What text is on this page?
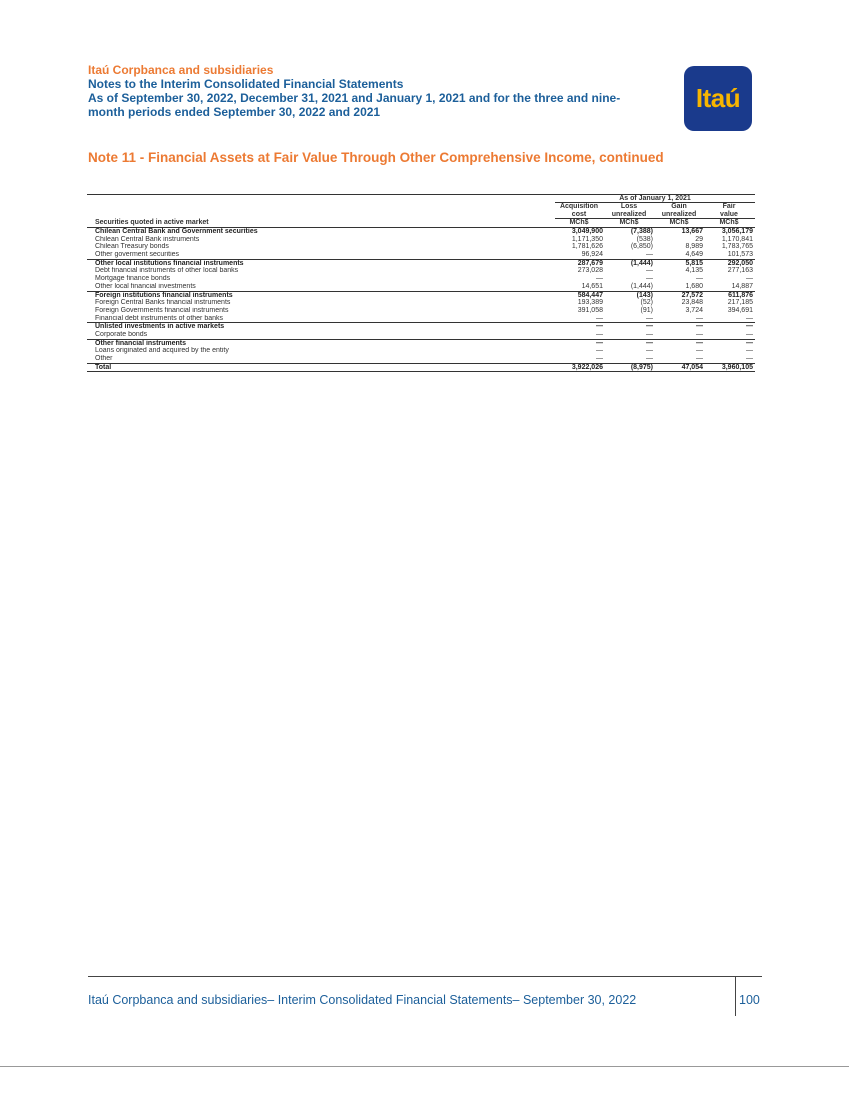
Itaú Corpbanca and subsidiaries
Notes to the Interim Consolidated Financial Statements
As of September 30, 2022, December 31, 2021 and January 1, 2021 and for the three and nine-month periods ended September 30, 2022 and 2021	Itaú
Note 11 - Financial Assets at Fair Value Through Other Comprehensive Income, continued
As of January 1, 2021
Acquisition	Loss	Gain	Fair
cost	unrealized	unrealized	value
Securities quoted in active market	MCh$	MCh$	MCh$	MCh$
Chilean Central Bank and Government securities	3,049,900	(7,388)	13,667	3,056,179
Chilean Central Bank instruments	1,171,350	(538)	29	1,170,841
Chilean Treasury bonds	1,781,626	(6,850)	8,989	1,783,765
Other goverment securities	96,924	—	4,649	101,573
Other local institutions financial instruments	287,679	(1,444)	5,815	292,050
Debt financial instruments of other local banks	273,028	—	4,135	277,163
Mortgage finance bonds	—	—	—	—
Other local financial investments	14,651	(1,444)	1,680	14,887
Foreign institutions financial instruments	584,447	(143)	27,572	611,876
Foreign Central Banks financial instruments	193,389	(52)	23,848	217,185
Foreign Governments financial instruments	391,058	(91)	3,724	394,691
Financial debt instruments of other banks	—	—	—	—
Unlisted investments in active markets	—	—	—	—
Corporate bonds	—	—	—	—
Other financial instruments	—	—	—	—
Loans originated and acquired by the entity	—	—	—	—
Other	—	—	—	—
Total	3,922,026	(8,975)	47,054	3,960,105
Itaú Corpbanca and subsidiaries– Interim Consolidated Financial Statements– September 30, 2022	100
